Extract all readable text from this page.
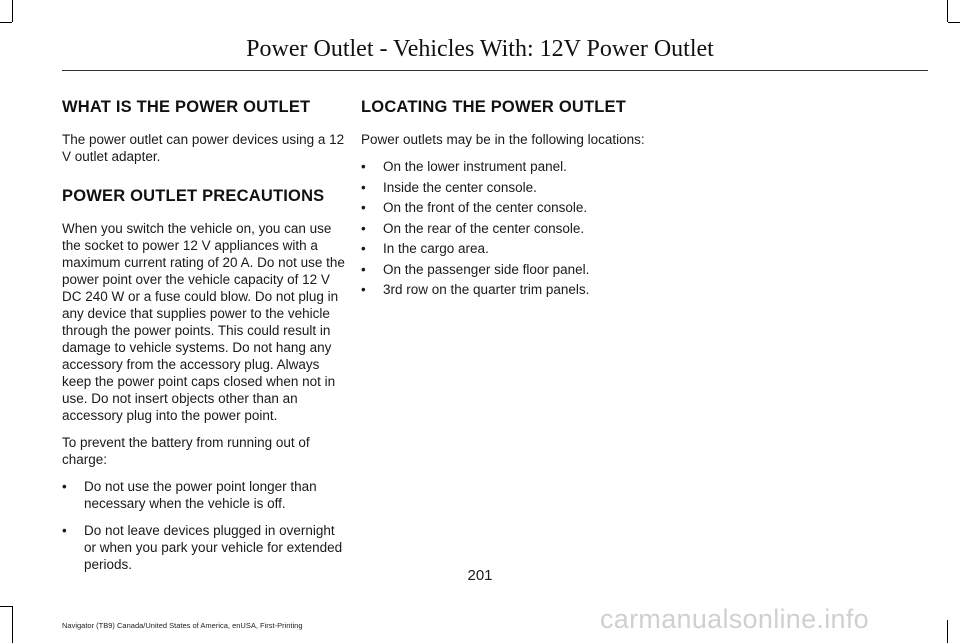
Power Outlet - Vehicles With: 12V Power Outlet
WHAT IS THE POWER OUTLET

The power outlet can power devices using a 12 V outlet adapter.

POWER OUTLET PRECAUTIONS

When you switch the vehicle on, you can use the socket to power 12 V appliances with a maximum current rating of 20 A. Do not use the power point over the vehicle capacity of 12 V DC 240 W or a fuse could blow. Do not plug in any device that supplies power to the vehicle through the power points. This could result in damage to vehicle systems. Do not hang any accessory from the accessory plug. Always keep the power point caps closed when not in use. Do not insert objects other than an accessory plug into the power point.

To prevent the battery from running out of charge:

• Do not use the power point longer than necessary when the vehicle is off.
• Do not leave devices plugged in overnight or when you park your vehicle for extended periods.
LOCATING THE POWER OUTLET

Power outlets may be in the following locations:

• On the lower instrument panel.
• Inside the center console.
• On the front of the center console.
• On the rear of the center console.
• In the cargo area.
• On the passenger side floor panel.
• 3rd row on the quarter trim panels.
201
Navigator (TB9) Canada/United States of America, enUSA, First-Printing	carmanualsonline.info
